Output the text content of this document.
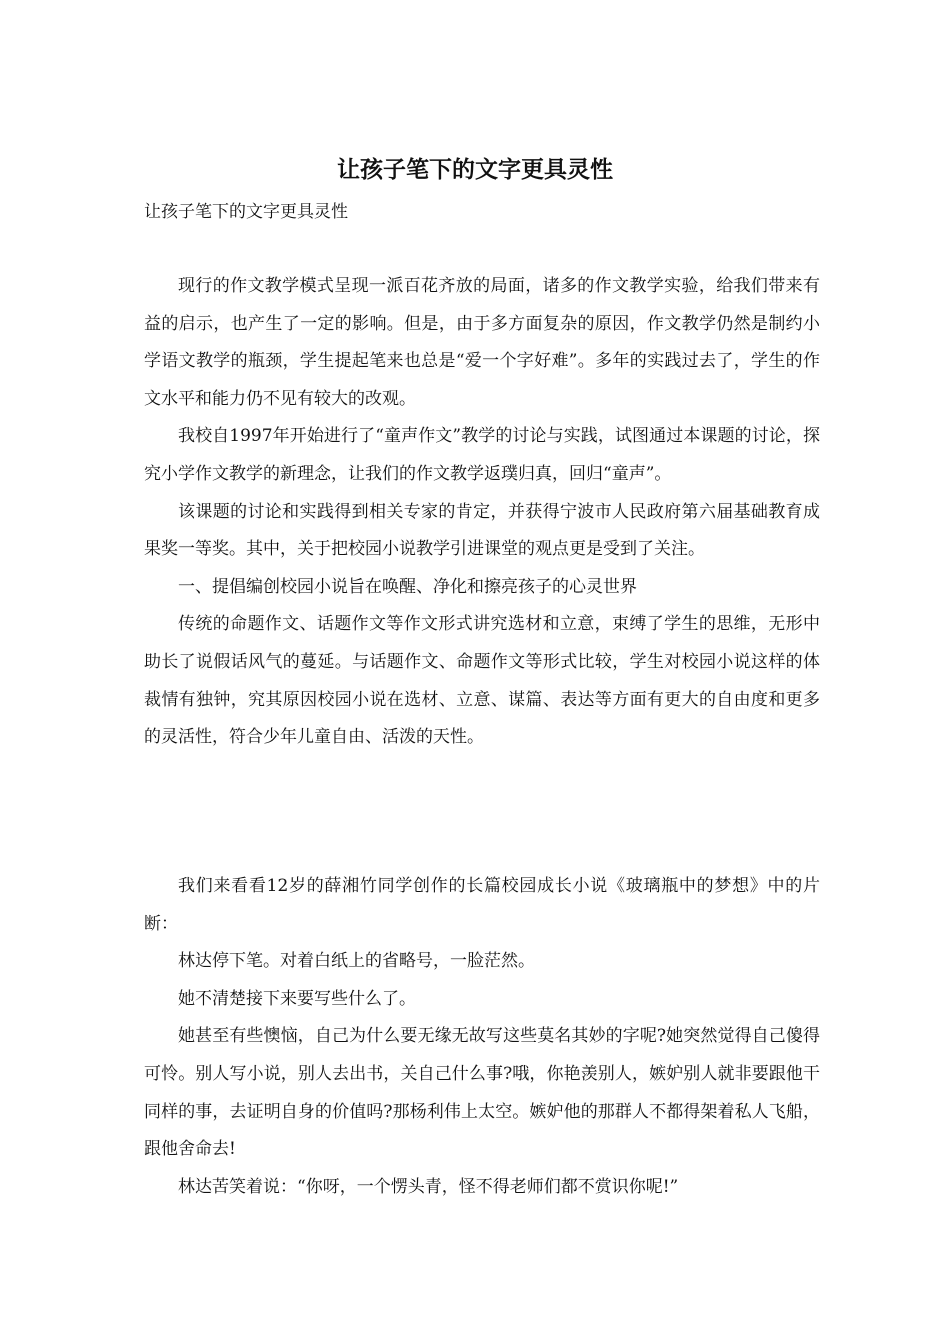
让孩子笔下的文字更具灵性

让孩子笔下的文字更具灵性

现行的作文教学模式呈现一派百花齐放的局面，诸多的作文教学实验，给我们带来有益的启示，也产生了一定的影响。但是，由于多方面复杂的原因，作文教学仍然是制约小学语文教学的瓶颈，学生提起笔来也总是“爱一个字好难”。多年的实践过去了，学生的作文水平和能力仍不见有较大的改观。

我校自1997年开始进行了“童声作文”教学的讨论与实践，试图通过本课题的讨论，探究小学作文教学的新理念，让我们的作文教学返璞归真，回归“童声”。

该课题的讨论和实践得到相关专家的肯定，并获得宁波市人民政府第六届基础教育成果奖一等奖。其中，关于把校园小说教学引进课堂的观点更是受到了关注。

一、提倡编创校园小说旨在唤醒、净化和擦亮孩子的心灵世界

传统的命题作文、话题作文等作文形式讲究选材和立意，束缚了学生的思维，无形中助长了说假话风气的蔓延。与话题作文、命题作文等形式比较，学生对校园小说这样的体裁情有独钟，究其原因校园小说在选材、立意、谋篇、表达等方面有更大的自由度和更多的灵活性，符合少年儿童自由、活泼的天性。

我们来看看12岁的薛湘竹同学创作的长篇校园成长小说《玻璃瓶中的梦想》中的片断：

林达停下笔。对着白纸上的省略号，一脸茫然。

她不清楚接下来要写些什么了。

她甚至有些懊恼，自己为什么要无缘无故写这些莫名其妙的字呢?她突然觉得自己傻得可怜。别人写小说，别人去出书，关自己什么事?哦，你艳羡别人，嫉妒别人就非要跟他干同样的事，去证明自身的价值吗?那杨利伟上太空。嫉妒他的那群人不都得架着私人飞船，跟他舍命去!

林达苦笑着说：“你呀，一个愣头青，怪不得老师们都不赏识你呢!”
